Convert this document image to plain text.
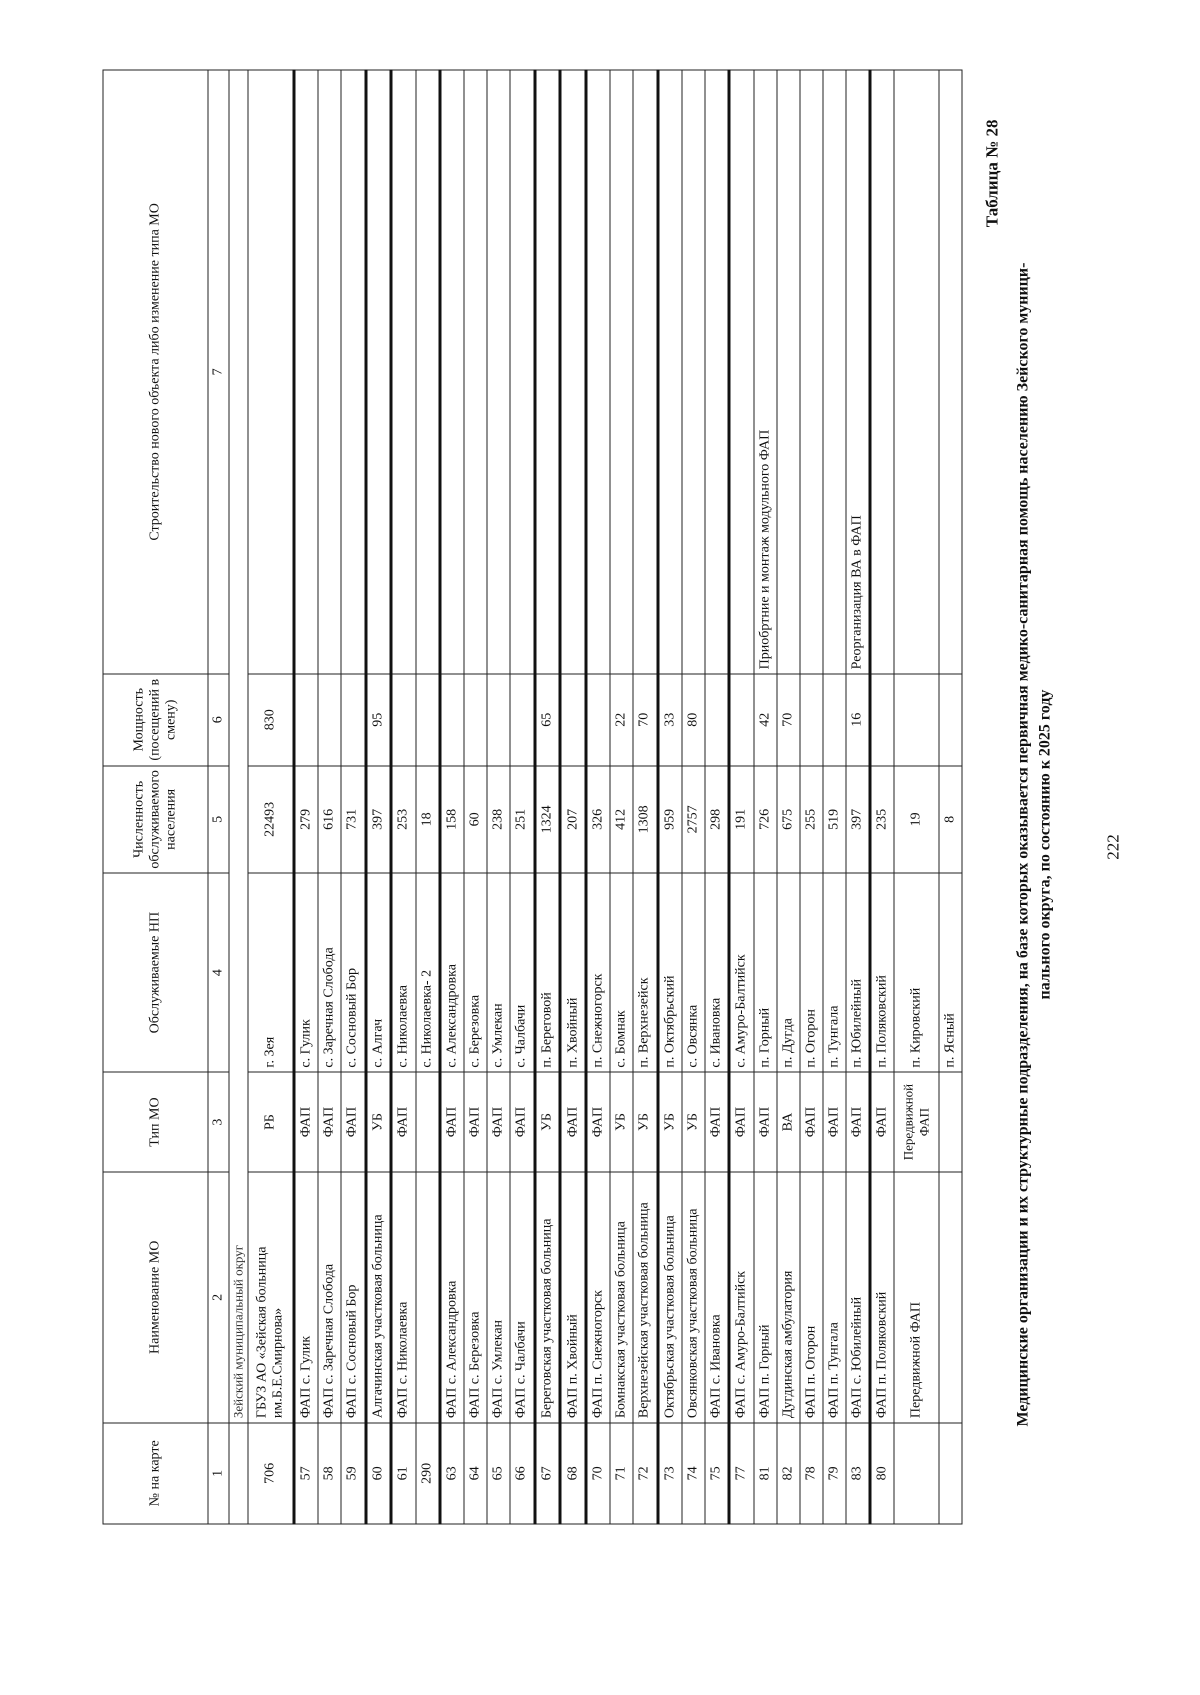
222
Медицинские организации и их структурные подразделения, на базе которых оказывается первичная медико-санитарная помощь населению Зейского муници- пального округа, по состоянию к 2025 году
Таблица № 28
№ на карте	Наименование МО	Тип МО	Обслуживаемые НП	Численность обслуживаемого населения	Мощность (посещений в смену)	Строительство нового объекта либо изменение типа МО
1	2	3	4	5	6	7
	Зейский муниципальный округ					
706	ГБУЗ АО «Зейская больница им.Б.Е.Смирнова»	РБ	г. Зея	22493	830	
57	ФАП с. Гулик	ФАП	с. Гулик	279		
58	ФАП с. Заречная Слобода	ФАП	с. Заречная Слобода	616		
59	ФАП с. Сосновый Бор	ФАП	с. Сосновый Бор	731		
60	Алгачинская участковая больница	УБ	с. Алгач	397	95	
61	ФАП с. Николаевка	ФАП	с. Николаевка	253		
290			с. Николаевка- 2	18		
63	ФАП с. Александровка	ФАП	с. Александровка	158		
64	ФАП с. Березовка	ФАП	с. Березовка	60		
65	ФАП с. Умлекан	ФАП	с. Умлекан	238		
66	ФАП с. Чалбачи	ФАП	с. Чалбачи	251		
67	Береговская участковая больница	УБ	п. Береговой	1324	65	
68	ФАП п. Хвойный	ФАП	п. Хвойный	207		
70	ФАП п. Снежногорск	ФАП	п. Снежногорск	326		
71	Бомнакская участковая больница	УБ	с. Бомнак	412	22	
72	Верхнезейская участковая больница	УБ	п. Верхнезейск	1308	70	
73	Октябрьская участковая больница	УБ	п. Октябрьский	959	33	
74	Овсянковская участковая больница	УБ	с. Овсянка	2757	80	
75	ФАП с. Ивановка	ФАП	с. Ивановка	298		
77	ФАП с. Амуро-Балтийск	ФАП	с. Амуро-Балтийск	191		
81	ФАП п. Горный	ФАП	п. Горный	726	42	Приобртние и монтаж модульного ФАП
82	Дугдинская амбулатория	ВА	п. Дугда	675	70	
78	ФАП п. Огорон	ФАП	п. Огорон	255		
79	ФАП п. Тунгала	ФАП	п. Тунгала	519		
83	ФАП с. Юбилейный	ФАП	п. Юбилейный	397	16	Реорганизация ВА в ФАП
80	ФАП п. Поляковский	ФАП	п. Поляковский	235		
	Передвижной ФАП	Передвижной ФАП	п. Кировский	19		
			п. Ясный	8		
